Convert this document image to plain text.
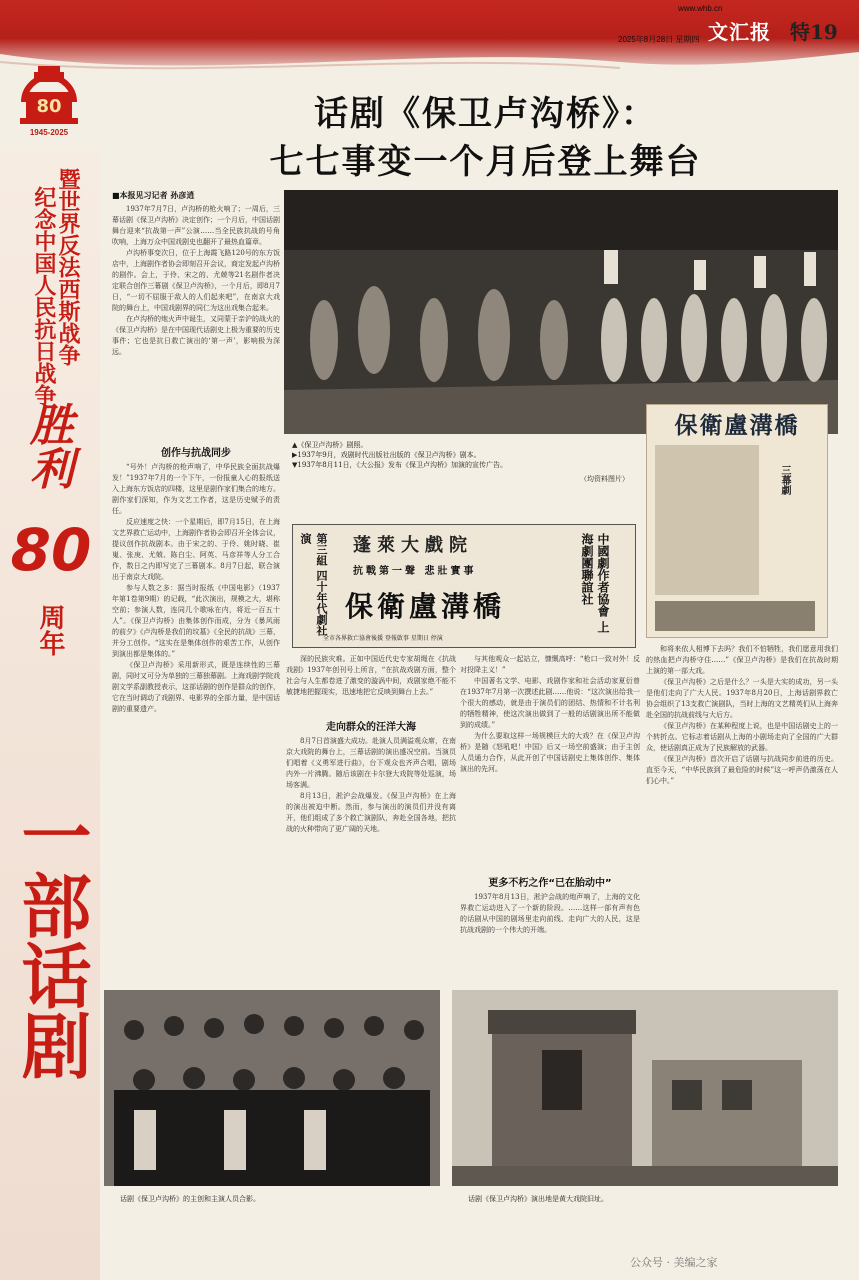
www.whb.cn
2025年8月28日 星期四 文汇报 特19
80
1945-2025
暨世界反法西斯战争
纪念中国人民抗日战争
胜利
80
周年
一部话剧
话剧《保卫卢沟桥》：
七七事变一个月后登上舞台
■本报见习记者 孙彦逍

1937年7月7日，卢沟桥的枪火响了；一周后，三幕话剧《保卫卢沟桥》决定创作；一个月后，中国话剧舞台迎来“抗战第一声”公演……当全民族抗战的号角吹响，上海万众中国戏剧史也翻开了最热血篇章。

卢沟桥事变次日，位于上海霞飞路120号的东方饭店中，上海剧作者协会即刻召开会议，商定发起卢沟桥的剧作。会上，于伶、宋之的、尤兢等21名剧作者决定联合创作三幕剧《保卫卢沟桥》，一个月后，即8月7日，“一切不屈服于敌人的人们起来吧”，在南京大戏院的舞台上，中国戏剧界的同仁为这出戏集合起来。

在卢沟桥的炮火声中诞生，又同蒙于亲沪的战火的《保卫卢沟桥》是在中国现代话剧史上极为重要的历史事件；它也是抗日救亡演出的‘第一声’，影响极为深远。

创作与抗战同步

“号外！卢沟桥的枪声响了，中华民族全面抗战爆发！”1937年7月的一个下午，一份报童人心的报纸送入上海东方饭店的四楼，这里是剧作家们集合的地方。剧作家们深知，作为文艺工作者，这是历史赋予的责任。

反应速度之快：一个星期后，即7月15日，在上海文艺界救亡运动中，上海剧作者协会即召开全体会议，提议创作抗战剧本。由于宋之的、于伶、姚时晓、崔嵬、张庚、尤兢、陈白尘、阿英、马彦祥等人分工合作，数日之内即写完了三幕剧本。8月7日起，联合演出于南京大戏院。

参与人数之多：据当时报纸《中国电影》（1937年第1卷第9期）的记载，“此次演出，规模之大，堪称空前；参演人数，连同几个歌咏在内，将近一百五十人”。《保卫卢沟桥》由集体创作而成，分为《暴风雨的前夕》《卢沟桥是我们的坟墓》《全民的抗战》三幕，并分工创作。“这实在是集体创作的艰苦工作，从创作到演出都是集体的。”

《保卫卢沟桥》采用新形式，既是连续性的三幕剧，同时又可分为单独的三幕独幕剧。上海戏剧学院戏剧文学系副教授表示，这部话剧的创作是群众的创作，它在当时调动了戏剧界、电影界的全部力量，是中国话剧的重要遗产。

保衛盧溝橋
三幕劇
▲《保卫卢沟桥》剧照。
▶1937年9月，戏剧时代出版社出版的《保卫卢沟桥》剧本。
▼1937年8月11日，《大公报》发布《保卫卢沟桥》加演的宣传广告。
（均资料图片）
第三組 四十年代劇社演	蓬萊大戲院
抗戰第一聲 悲壯實事
保衛盧溝橋
全市各界救亡協會後援 登報啟事 星期日 停演
中國劇作者協會 上海劇團聯誼社

深的民族灾难。正如中国近代史专家胡绳在《抗战戏剧》1937年创刊号上所言，“在抗战戏剧方面，整个社会与人生都卷进了激变的漩涡中间，戏剧家绝不能不敏捷地把握现实，迅速地把它反映到舞台上去。”

走向群众的汪洋大海

8月7日首演盛大成功。赴演人员满溢观众席，在南京大戏院的舞台上，三幕话剧的演出盛况空前。当演员们唱着《义勇军进行曲》，台下观众也齐声合唱，剧场内外一片沸腾。随后该剧在卡尔登大戏院等处巡演，场场客满。

8月13日，淞沪会战爆发。《保卫卢沟桥》在上海的演出被迫中断。然而，参与演出的演员们并没有离开，他们组成了多个救亡演剧队，奔赴全国各地，把抗战的火种带向了更广阔的天地。

与其他观众一起站立，慷慨高呼：“枪口一致对外！反对投降主义！”

中国著名文学、电影、戏剧作家和社会活动家夏衍曾在1937年7月第一次撰述此剧……他说：“这次演出给我一个很大的感动，就是由于演员们的团结、热情和不计名利的牺牲精神，使这次演出做到了一般的话剧演出所不能做到的成绩。”

为什么要取这样一场规模巨大的大戏？在《保卫卢沟桥》是随《怒吼吧！中国》后又一场空前盛演；由于主创人员通力合作，从此开创了中国话剧史上集体创作、集体演出的先河。

更多不朽之作“已在胎动中”

1937年8月13日，淞沪会战的炮声响了，上海的文化界救亡运动进入了一个新的阶段。……这样一部有声有色的话剧从中国的剧场里走向前线、走向广大的人民，这是抗战戏剧的一个伟大的开端。

和将来依人相博下去吗？我们不怕牺牲，我们愿意用我们的热血把卢沟桥守住……”《保卫卢沟桥》是我们在抗战时期上演的第一部大戏。

《保卫卢沟桥》之后是什么？一头是大实的成功，另一头是他们走向了广大人民。1937年8月20日，上海话剧界救亡协会组织了13支救亡演剧队，当时上海的文艺精英们从上海奔赴全国的抗战前线与大后方。

《保卫卢沟桥》在某种程度上说，也是中国话剧史上的一个转折点。它标志着话剧从上海的小剧场走向了全国的广大群众，使话剧真正成为了民族解放的武器。

《保卫卢沟桥》首次开启了话剧与抗战同步前进的历史。直至今天，“中华民族到了最危险的时候”这一呼声仍激荡在人们心中。”

话剧《保卫卢沟桥》的主创和主演人员合影。	话剧《保卫卢沟桥》演出地是黄大戏院旧址。
公众号 · 美编之家
